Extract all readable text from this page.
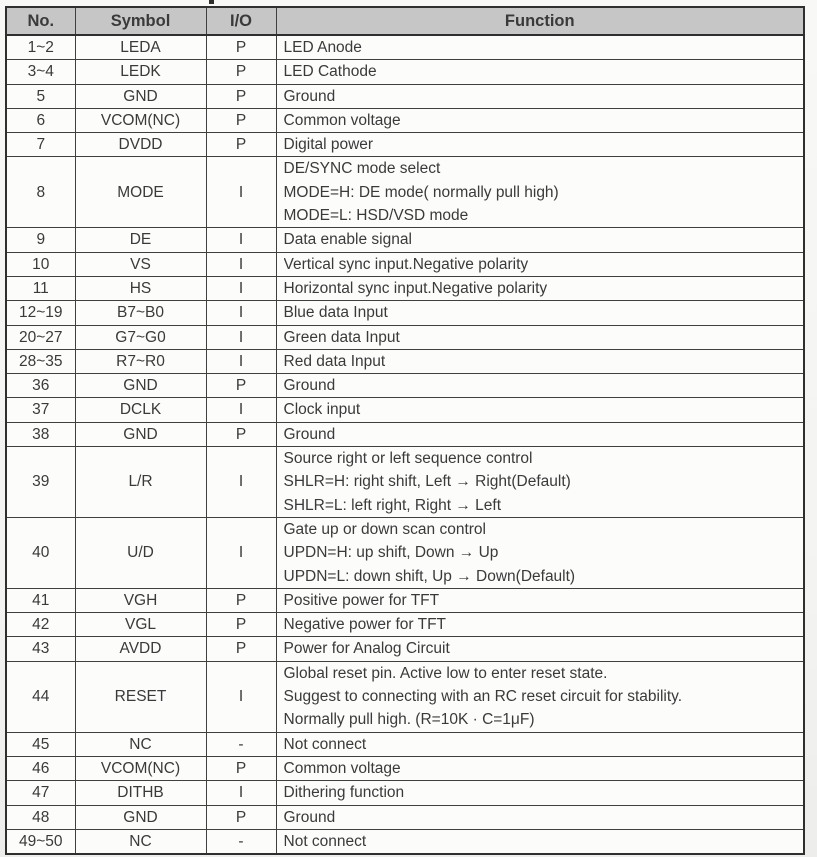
No.	Symbol	I/O	Function
1~2	LEDA	P	LED Anode

3~4	LEDK	P	LED Cathode

5	GND	P	Ground

6	VCOM(NC)	P	Common voltage

7	DVDD	P	Digital power

8	MODE	I	DE/SYNC mode select
MODE=H: DE mode( normally pull high)
MODE=L: HSD/VSD mode

9	DE	I	Data enable signal

10	VS	I	Vertical sync input.Negative polarity

11	HS	I	Horizontal sync input.Negative polarity

12~19	B7~B0	I	Blue data Input

20~27	G7~G0	I	Green data Input

28~35	R7~R0	I	Red data Input

36	GND	P	Ground

37	DCLK	I	Clock input

38	GND	P	Ground

39	L/R	I	Source right or left sequence control
SHLR=H: right shift, Left → Right(Default)
SHLR=L: left right, Right → Left

40	U/D	I	Gate up or down scan control
UPDN=H: up shift, Down → Up
UPDN=L: down shift, Up → Down(Default)

41	VGH	P	Positive power for TFT

42	VGL	P	Negative power for TFT

43	AVDD	P	Power for Analog Circuit

44	RESET	I	Global reset pin. Active low to enter reset state.
Suggest to connecting with an RC reset circuit for stability.
Normally pull high. (R=10K · C=1μF)

45	NC	-	Not connect

46	VCOM(NC)	P	Common voltage

47	DITHB	I	Dithering function

48	GND	P	Ground

49~50	NC	-	Not connect
